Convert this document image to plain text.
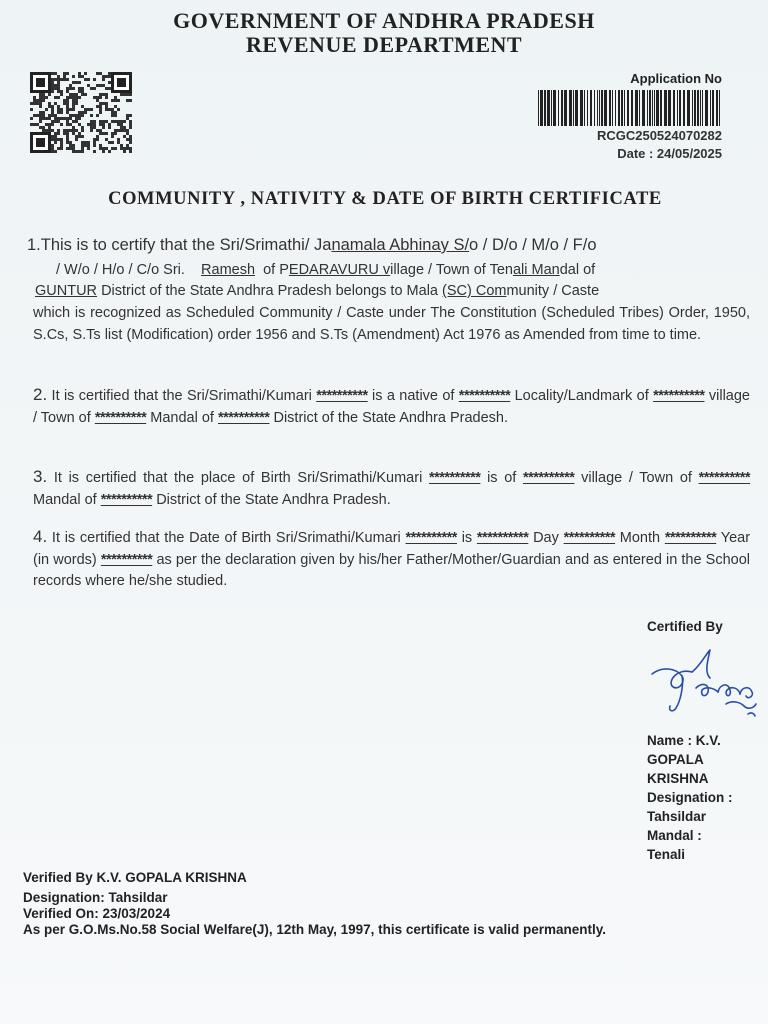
GOVERNMENT OF ANDHRA PRADESH
REVENUE DEPARTMENT
Application No
RCGC250524070282
Date : 24/05/2025
COMMUNITY , NATIVITY & DATE OF BIRTH CERTIFICATE
1.This is to certify that the Sri/Srimathi/ Janamala Abhinay S/o / D/o / M/o / F/o
/ W/o / H/o / C/o Sri. Ramesh of PEDARAVURU village / Town of Tenali Mandal of
GUNTUR District of the State Andhra Pradesh belongs to Mala (SC) Community / Caste
which is recognized as Scheduled Community / Caste under The Constitution (Scheduled Tribes) Order, 1950, S.Cs, S.Ts list (Modification) order 1956 and S.Ts (Amendment) Act 1976 as Amended from time to time.
2. It is certified that the Sri/Srimathi/Kumari ********** is a native of ********** Locality/Landmark of ********** village / Town of ********** Mandal of ********** District of the State Andhra Pradesh.
3. It is certified that the place of Birth Sri/Srimathi/Kumari ********** is of ********** village / Town of ********** Mandal of ********** District of the State Andhra Pradesh.
4. It is certified that the Date of Birth Sri/Srimathi/Kumari ********** is ********** Day ********** Month ********** Year (in words) ********** as per the declaration given by his/her Father/Mother/Guardian and as entered in the School records where he/she studied.
Certified By
Name : K.V.
GOPALA
KRISHNA
Designation :
Tahsildar
Mandal :
Tenali
Verified By K.V. GOPALA KRISHNA
Designation: Tahsildar
Verified On: 23/03/2024
As per G.O.Ms.No.58 Social Welfare(J), 12th May, 1997, this certificate is valid permanently.
